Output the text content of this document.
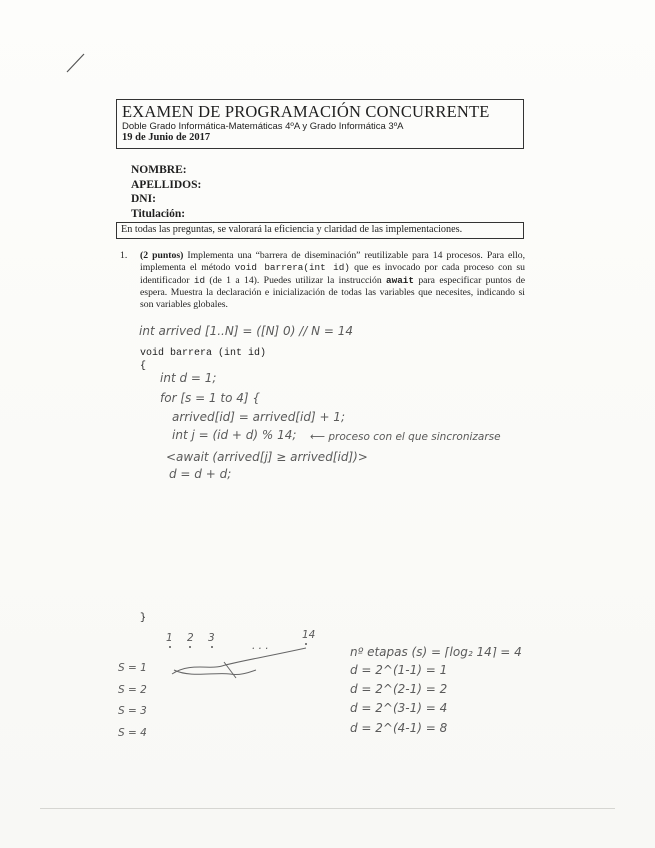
EXAMEN DE PROGRAMACIÓN CONCURRENTE
Doble Grado Informática-Matemáticas 4ºA y Grado Informática 3ºA
19 de Junio de 2017
NOMBRE:
APELLIDOS:
DNI:
Titulación:
En todas las preguntas, se valorará la eficiencia y claridad de las implementaciones.
1. (2 puntos) Implementa una “barrera de diseminación” reutilizable para 14 procesos. Para ello, implementa el método void barrera(int id) que es invocado por cada proceso con su identificador id (de 1 a 14). Puedes utilizar la instrucción await para especificar puntos de espera. Muestra la declaración e inicialización de todas las variables que necesites, indicando si son variables globales.
int arrived [1..N] = ([N] 0) // N = 14
void barrera (int id)
{
int d = 1;
for [s = 1 to 4] {
arrived[id] = arrived[id] + 1;
int j = (id + d) % 14; ⟵ proceso con el que sincronizarse
<await (arrived[j] ≥ arrived[id])>
d = d + d;
}
1 2 3
. . .
14
S = 1
S = 2
S = 3
S = 4
nº etapas (s) = ⌈log₂ 14⌉ = 4
d = 2^(1-1) = 1
d = 2^(2-1) = 2
d = 2^(3-1) = 4
d = 2^(4-1) = 8
